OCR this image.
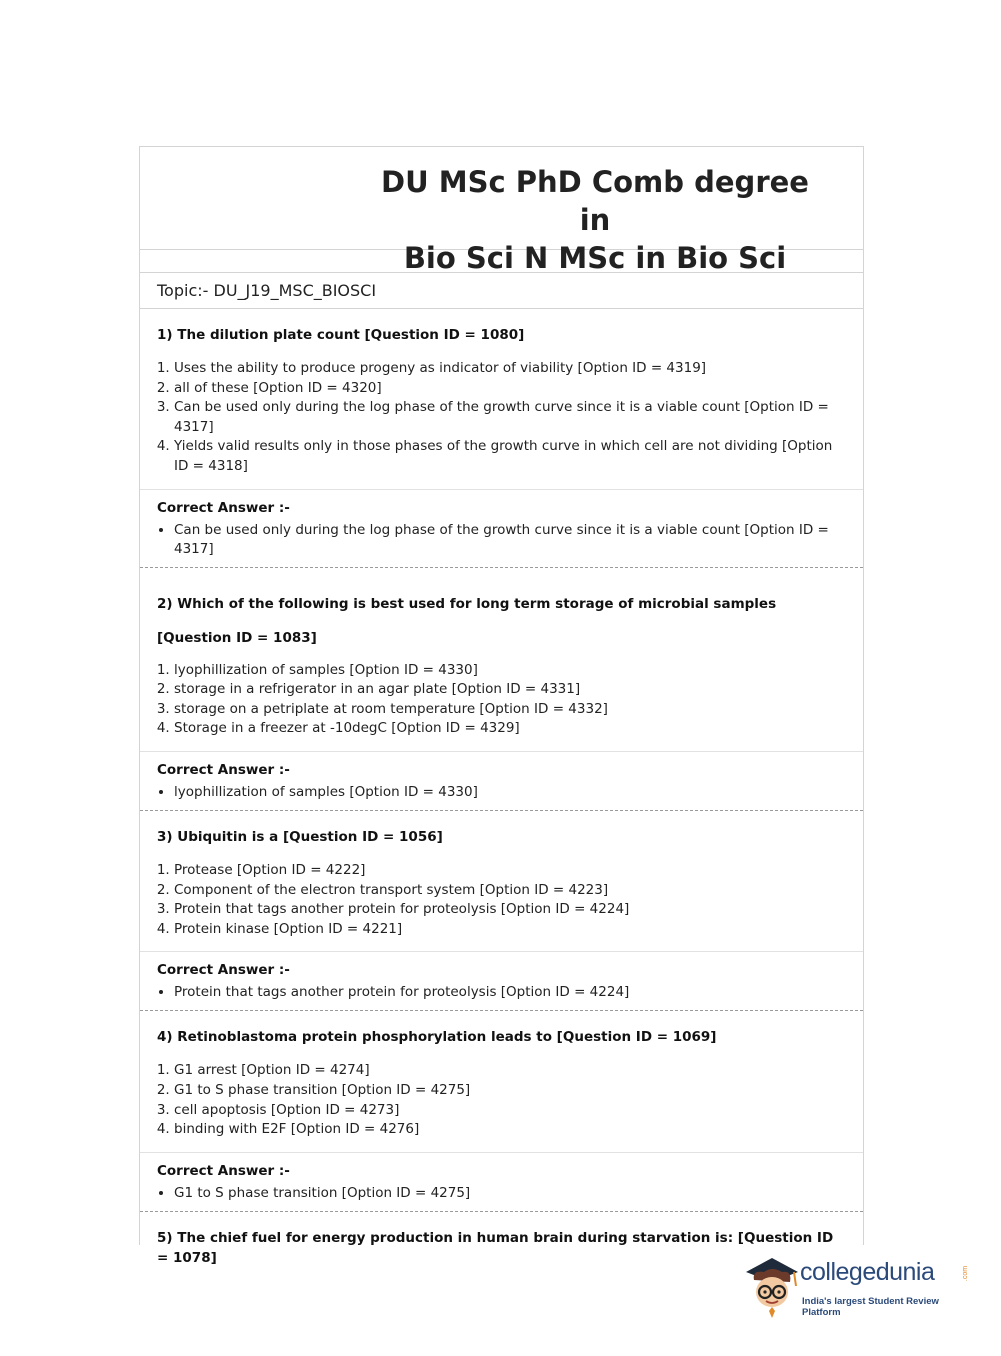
DU MSc PhD Comb degree in
Bio Sci N MSc in Bio Sci
Topic:- DU_J19_MSC_BIOSCI

1) The dilution plate count [Question ID = 1080]

1. Uses the ability to produce progeny as indicator of viability [Option ID = 4319]
2. all of these [Option ID = 4320]
3. Can be used only during the log phase of the growth curve since it is a viable count [Option ID = 4317]
4. Yields valid results only in those phases of the growth curve in which cell are not dividing [Option ID = 4318]

Correct Answer :-

• Can be used only during the log phase of the growth curve since it is a viable count [Option ID = 4317]

2) Which of the following is best used for long term storage of microbial samples

[Question ID = 1083]

1. lyophillization of samples [Option ID = 4330]
2. storage in a refrigerator in an agar plate [Option ID = 4331]
3. storage on a petriplate at room temperature [Option ID = 4332]
4. Storage in a freezer at -10degC [Option ID = 4329]

Correct Answer :-

• lyophillization of samples [Option ID = 4330]

3) Ubiquitin is a [Question ID = 1056]

1. Protease [Option ID = 4222]
2. Component of the electron transport system [Option ID = 4223]
3. Protein that tags another protein for proteolysis [Option ID = 4224]
4. Protein kinase [Option ID = 4221]

Correct Answer :-

• Protein that tags another protein for proteolysis [Option ID = 4224]

4) Retinoblastoma protein phosphorylation leads to [Question ID = 1069]

1. G1 arrest [Option ID = 4274]
2. G1 to S phase transition [Option ID = 4275]
3. cell apoptosis [Option ID = 4273]
4. binding with E2F [Option ID = 4276]

Correct Answer :-

• G1 to S phase transition [Option ID = 4275]

5) The chief fuel for energy production in human brain during starvation is: [Question ID = 1078]

collegedunia	.com
India's largest Student Review Platform
